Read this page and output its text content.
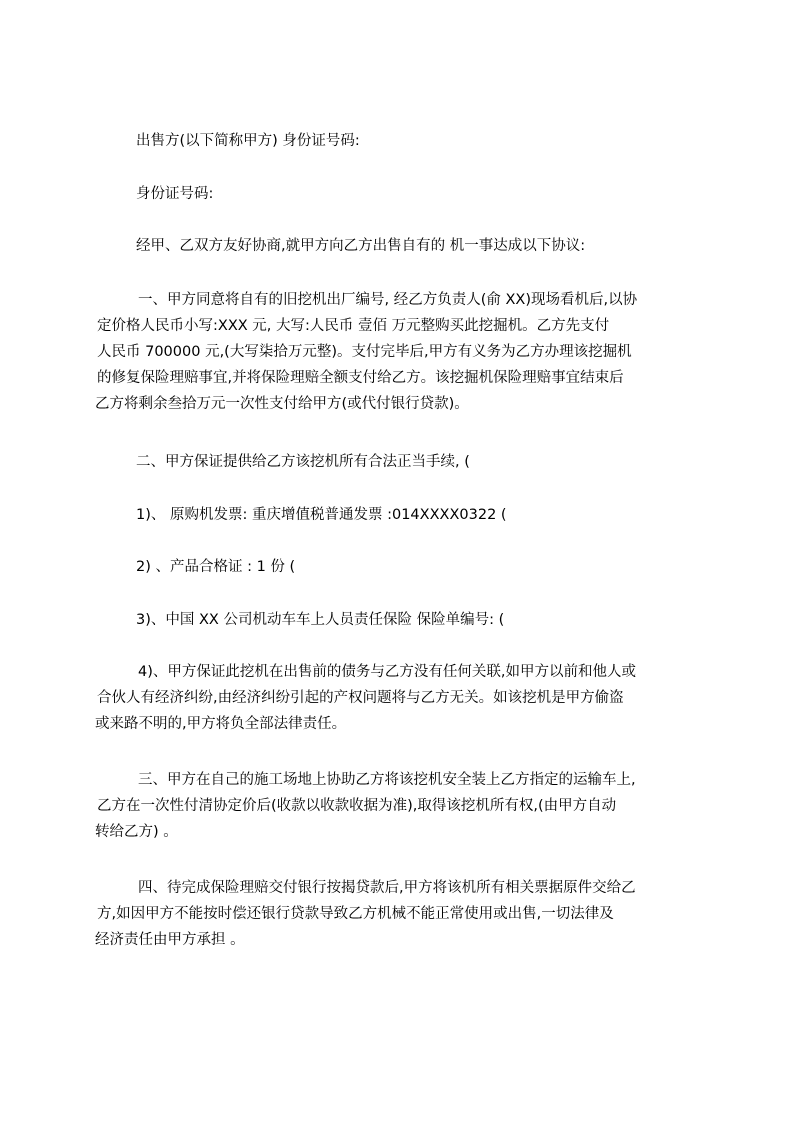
出售方(以下简称甲方) 身份证号码:

身份证号码:

经甲、乙双方友好协商,就甲方向乙方出售自有的 机一事达成以下协议:

一、甲方同意将自有的旧挖机出厂编号, 经乙方负责人(俞 XX)现场看机后,以协
定价格人民币小写:XXX 元, 大写:人民币 壹佰 万元整购买此挖掘机。乙方先支付
人民币 700000 元,(大写柒拾万元整)。支付完毕后,甲方有义务为乙方办理该挖掘机
的修复保险理赔事宜,并将保险理赔全额支付给乙方。该挖掘机保险理赔事宜结束后
乙方将剩余叁拾万元一次性支付给甲方(或代付银行贷款)。

二、甲方保证提供给乙方该挖机所有合法正当手续, (

1)、 原购机发票: 重庆增值税普通发票 :014XXXX0322 (

2) 、产品合格证 : 1 份 (

3)、中国 XX 公司机动车车上人员责任保险 保险单编号: (

4)、甲方保证此挖机在出售前的债务与乙方没有任何关联,如甲方以前和他人或
合伙人有经济纠纷,由经济纠纷引起的产权问题将与乙方无关。如该挖机是甲方偷盗
或来路不明的,甲方将负全部法律责任。
三、甲方在自己的施工场地上协助乙方将该挖机安全装上乙方指定的运输车上,
乙方在一次性付清协定价后(收款以收款收据为准),取得该挖机所有权,(由甲方自动
转给乙方) 。
四、待完成保险理赔交付银行按揭贷款后,甲方将该机所有相关票据原件交给乙
方,如因甲方不能按时偿还银行贷款导致乙方机械不能正常使用或出售,一切法律及
经济责任由甲方承担 。
